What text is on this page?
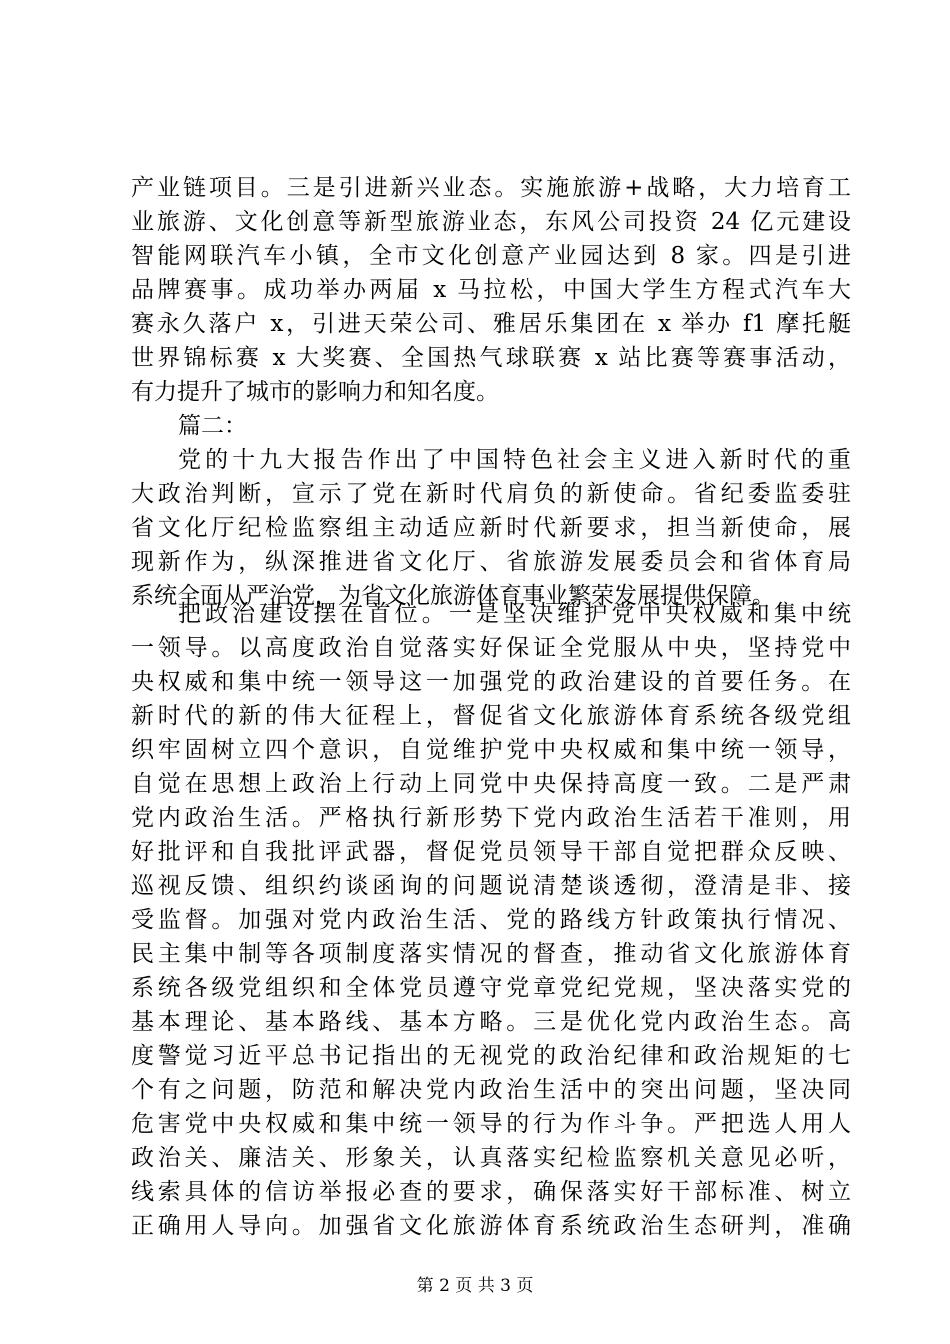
产业链项目。三是引进新兴业态。实施旅游+战略，大力培育工
业旅游、文化创意等新型旅游业态，东风公司投资 24 亿元建设
智能网联汽车小镇，全市文化创意产业园达到 8 家。四是引进
品牌赛事。成功举办两届 x 马拉松，中国大学生方程式汽车大
赛永久落户 x，引进天荣公司、雅居乐集团在 x 举办 f1 摩托艇
世界锦标赛 x 大奖赛、全国热气球联赛 x 站比赛等赛事活动，
有力提升了城市的影响力和知名度。
篇二：
党的十九大报告作出了中国特色社会主义进入新时代的重
大政治判断，宣示了党在新时代肩负的新使命。省纪委监委驻
省文化厅纪检监察组主动适应新时代新要求，担当新使命，展
现新作为，纵深推进省文化厅、省旅游发展委员会和省体育局
系统全面从严治党，为省文化旅游体育事业繁荣发展提供保障。
把政治建设摆在首位。一是坚决维护党中央权威和集中统
一领导。以高度政治自觉落实好保证全党服从中央，坚持党中
央权威和集中统一领导这一加强党的政治建设的首要任务。在
新时代的新的伟大征程上，督促省文化旅游体育系统各级党组
织牢固树立四个意识，自觉维护党中央权威和集中统一领导，
自觉在思想上政治上行动上同党中央保持高度一致。二是严肃
党内政治生活。严格执行新形势下党内政治生活若干准则，用
好批评和自我批评武器，督促党员领导干部自觉把群众反映、
巡视反馈、组织约谈函询的问题说清楚谈透彻，澄清是非、接
受监督。加强对党内政治生活、党的路线方针政策执行情况、
民主集中制等各项制度落实情况的督查，推动省文化旅游体育
系统各级党组织和全体党员遵守党章党纪党规，坚决落实党的
基本理论、基本路线、基本方略。三是优化党内政治生态。高
度警觉习近平总书记指出的无视党的政治纪律和政治规矩的七
个有之问题，防范和解决党内政治生活中的突出问题，坚决同
危害党中央权威和集中统一领导的行为作斗争。严把选人用人
政治关、廉洁关、形象关，认真落实纪检监察机关意见必听，
线索具体的信访举报必查的要求，确保落实好干部标准、树立
正确用人导向。加强省文化旅游体育系统政治生态研判，准确
第 2 页 共 3 页
